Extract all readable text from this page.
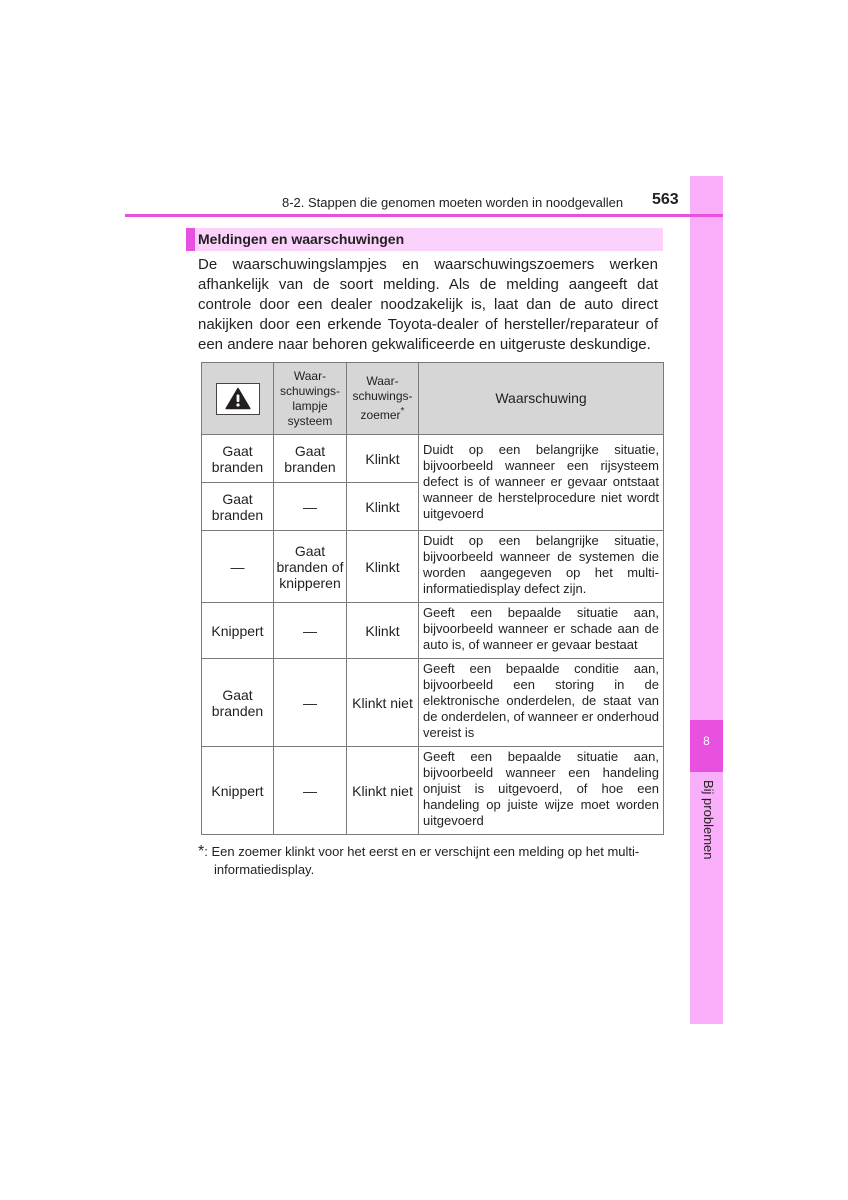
8
Bij problemen
8-2. Stappen die genomen moeten worden in noodgevallen 563
Meldingen en waarschuwingen
De waarschuwingslampjes en waarschuwingszoemers werken afhankelijk van de soort melding. Als de melding aangeeft dat controle door een dealer noodzakelijk is, laat dan de auto direct nakijken door een erkende Toyota-dealer of hersteller/reparateur of een andere naar behoren gekwalificeerde en uitgeruste deskundige.
	Waar-
schuwings-
lampje
systeem	Waar-
schuwings-
zoemer*	Waarschuwing
Gaat
branden	Gaat
branden	Klinkt	Duidt op een belangrijke situatie, bijvoorbeeld wanneer een rijsysteem defect is of wanneer er gevaar ontstaat wanneer de herstelprocedure niet wordt uitgevoerd
Gaat
branden	—	Klinkt	
—	Gaat
branden of
knipperen	Klinkt	Duidt op een belangrijke situatie, bijvoorbeeld wanneer de systemen die worden aangegeven op het multi-informatiedisplay defect zijn.
Knippert	—	Klinkt	Geeft een bepaalde situatie aan, bijvoorbeeld wanneer er schade aan de auto is, of wanneer er gevaar bestaat
Gaat
branden	—	Klinkt niet	Geeft een bepaalde conditie aan, bijvoorbeeld een storing in de elektronische onderdelen, de staat van de onderdelen, of wanneer er onderhoud vereist is
Knippert	—	Klinkt niet	Geeft een bepaalde situatie aan, bijvoorbeeld wanneer een handeling onjuist is uitgevoerd, of hoe een handeling op juiste wijze moet worden uitgevoerd
*: Een zoemer klinkt voor het eerst en er verschijnt een melding op het multi-
informatiedisplay.
